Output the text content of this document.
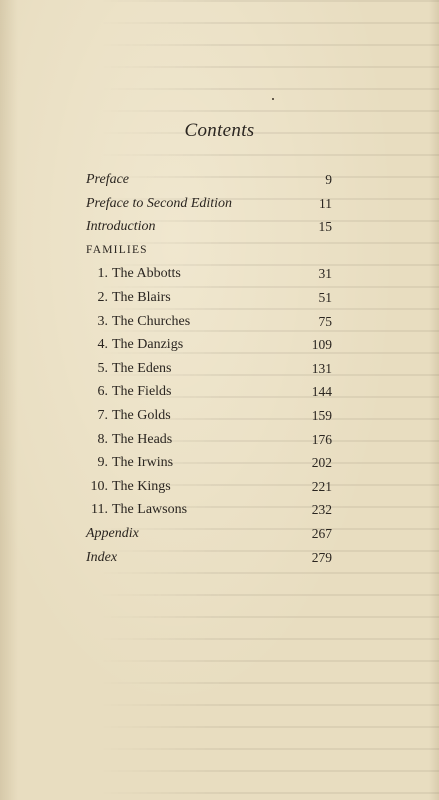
Contents
Preface	9
Preface to Second Edition	11
Introduction	15
FAMILIES
1. The Abbotts	31
2. The Blairs	51
3. The Churches	75
4. The Danzigs	109
5. The Edens	131
6. The Fields	144
7. The Golds	159
8. The Heads	176
9. The Irwins	202
10. The Kings	221
11. The Lawsons	232
Appendix	267
Index	279
